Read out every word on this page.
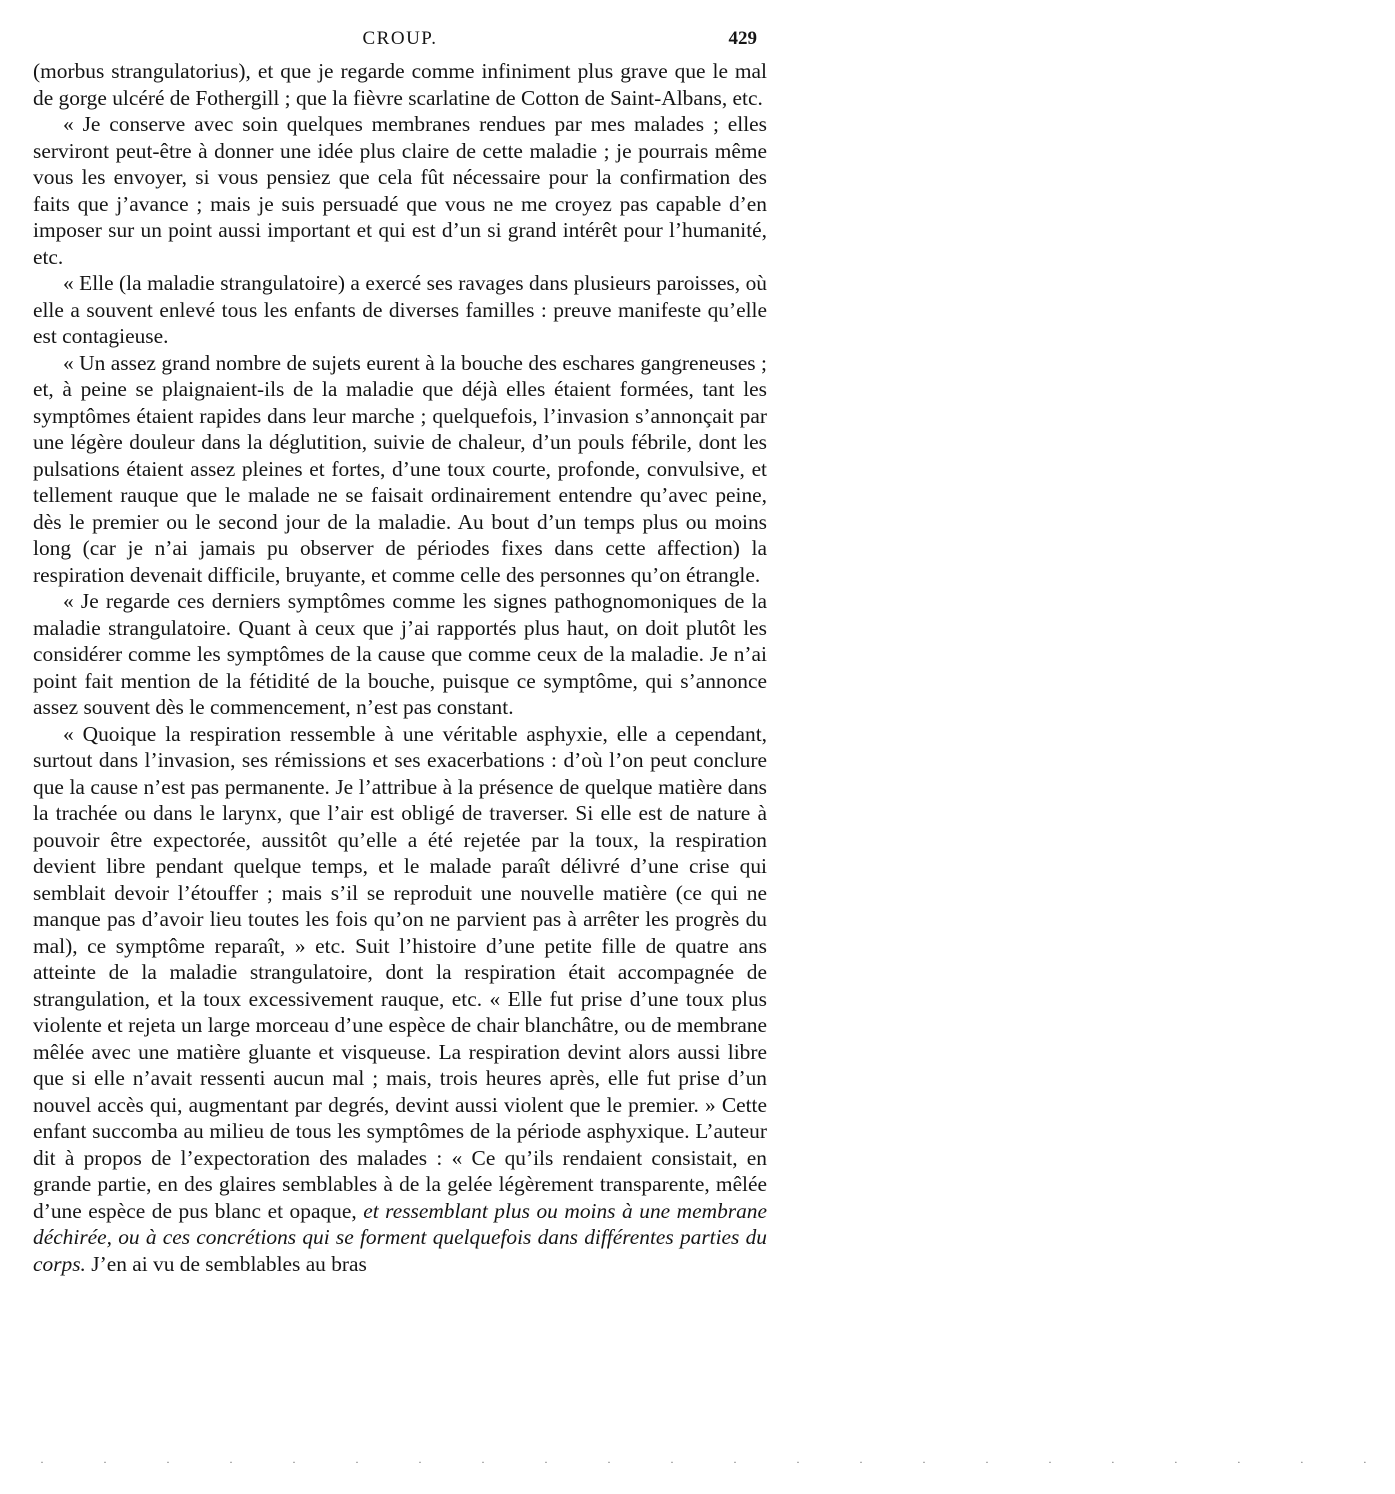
CROUP.	429

(morbus strangulatorius), et que je regarde comme infiniment plus grave que le mal de gorge ulcéré de Fothergill ; que la fièvre scarlatine de Cotton de Saint-Albans, etc.

« Je conserve avec soin quelques membranes rendues par mes malades ; elles serviront peut-être à donner une idée plus claire de cette maladie ; je pourrais même vous les envoyer, si vous pensiez que cela fût nécessaire pour la confirmation des faits que j’avance ; mais je suis persuadé que vous ne me croyez pas capable d’en imposer sur un point aussi important et qui est d’un si grand intérêt pour l’humanité, etc.

« Elle (la maladie strangulatoire) a exercé ses ravages dans plusieurs paroisses, où elle a souvent enlevé tous les enfants de diverses familles : preuve manifeste qu’elle est contagieuse.

« Un assez grand nombre de sujets eurent à la bouche des eschares gangreneuses ; et, à peine se plaignaient-ils de la maladie que déjà elles étaient formées, tant les symptômes étaient rapides dans leur marche ; quelquefois, l’invasion s’annonçait par une légère douleur dans la déglutition, suivie de chaleur, d’un pouls fébrile, dont les pulsations étaient assez pleines et fortes, d’une toux courte, profonde, convulsive, et tellement rauque que le malade ne se faisait ordinairement entendre qu’avec peine, dès le premier ou le second jour de la maladie. Au bout d’un temps plus ou moins long (car je n’ai jamais pu observer de périodes fixes dans cette affection) la respiration devenait difficile, bruyante, et comme celle des personnes qu’on étrangle.

« Je regarde ces derniers symptômes comme les signes pathognomoniques de la maladie strangulatoire. Quant à ceux que j’ai rapportés plus haut, on doit plutôt les considérer comme les symptômes de la cause que comme ceux de la maladie. Je n’ai point fait mention de la fétidité de la bouche, puisque ce symptôme, qui s’annonce assez souvent dès le commencement, n’est pas constant.

« Quoique la respiration ressemble à une véritable asphyxie, elle a cependant, surtout dans l’invasion, ses rémissions et ses exacerbations : d’où l’on peut conclure que la cause n’est pas permanente. Je l’attribue à la présence de quelque matière dans la trachée ou dans le larynx, que l’air est obligé de traverser. Si elle est de nature à pouvoir être expectorée, aussitôt qu’elle a été rejetée par la toux, la respiration devient libre pendant quelque temps, et le malade paraît délivré d’une crise qui semblait devoir l’étouffer ; mais s’il se reproduit une nouvelle matière (ce qui ne manque pas d’avoir lieu toutes les fois qu’on ne parvient pas à arrêter les progrès du mal), ce symptôme reparaît, » etc. Suit l’histoire d’une petite fille de quatre ans atteinte de la maladie strangulatoire, dont la respiration était accompagnée de strangulation, et la toux excessivement rauque, etc. « Elle fut prise d’une toux plus violente et rejeta un large morceau d’une espèce de chair blanchâtre, ou de membrane mêlée avec une matière gluante et visqueuse. La respiration devint alors aussi libre que si elle n’avait ressenti aucun mal ; mais, trois heures après, elle fut prise d’un nouvel accès qui, augmentant par degrés, devint aussi violent que le premier. » Cette enfant succomba au milieu de tous les symptômes de la période asphyxique. L’auteur dit à propos de l’expectoration des malades : « Ce qu’ils rendaient consistait, en grande partie, en des glaires semblables à de la gelée légèrement transparente, mêlée d’une espèce de pus blanc et opaque, et ressemblant plus ou moins à une membrane déchirée, ou à ces concrétions qui se forment quelquefois dans différentes parties du corps. J’en ai vu de semblables au bras

· · · · · · · · · · · · · · · · · · · · · ·
